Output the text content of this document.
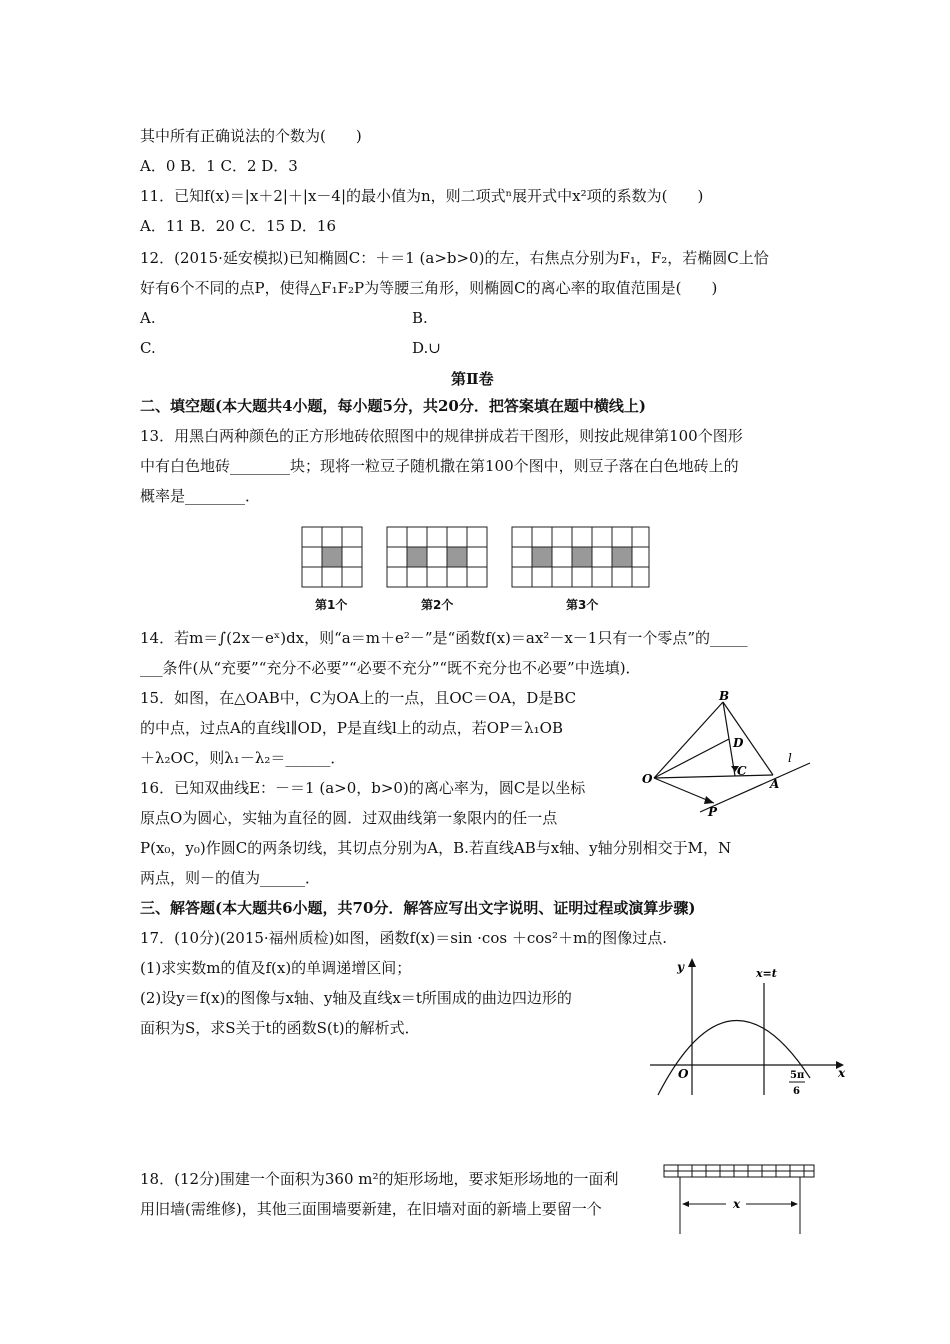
其中所有正确说法的个数为(　　)
A．0 B．1 C．2 D．3
11．已知f(x)＝|x＋2|＋|x－4|的最小值为n，则二项式ⁿ展开式中x²项的系数为(　　)
A．11 B．20 C．15 D．16
12．(2015·延安模拟)已知椭圆C：＋＝1 (a>b>0)的左，右焦点分别为F₁，F₂，若椭圆C上恰
好有6个不同的点P，使得△F₁F₂P为等腰三角形，则椭圆C的离心率的取值范围是(　　)
A.	B.
C.	D.∪
第Ⅱ卷
二、填空题(本大题共4小题，每小题5分，共20分．把答案填在题中横线上)
13．用黑白两种颜色的正方形地砖依照图中的规律拼成若干图形，则按此规律第100个图形
中有白色地砖________块；现将一粒豆子随机撒在第100个图中，则豆子落在白色地砖上的
概率是________．
第1个	第2个	第3个
14．若m＝∫(2x－eˣ)dx，则“a＝m＋e²－”是“函数f(x)＝ax²－x－1只有一个零点”的_____
___条件(从“充要”“充分不必要”“必要不充分”“既不充分也不必要”中选填)．
15．如图，在△OAB中，C为OA上的一点，且OC＝OA，D是BC
的中点，过点A的直线l∥OD，P是直线l上的动点，若OP＝λ₁OB
＋λ₂OC，则λ₁－λ₂＝______．
B
D
O
C
A
l
P
16．已知双曲线E：－＝1 (a>0，b>0)的离心率为，圆C是以坐标
原点O为圆心，实轴为直径的圆．过双曲线第一象限内的任一点
P(x₀，y₀)作圆C的两条切线，其切点分别为A，B.若直线AB与x轴、y轴分别相交于M，N
两点，则－的值为______．
三、解答题(本大题共6小题，共70分．解答应写出文字说明、证明过程或演算步骤)
17．(10分)(2015·福州质检)如图，函数f(x)＝sin ·cos ＋cos²＋m的图像过点.
(1)求实数m的值及f(x)的单调递增区间；
(2)设y＝f(x)的图像与x轴、y轴及直线x＝t所围成的曲边四边形的
面积为S，求S关于t的函数S(t)的解析式．
y	x=t
O	x
5π
6
18．(12分)围建一个面积为360 m²的矩形场地，要求矩形场地的一面利
用旧墙(需维修)，其他三面围墙要新建，在旧墙对面的新墙上要留一个	x
